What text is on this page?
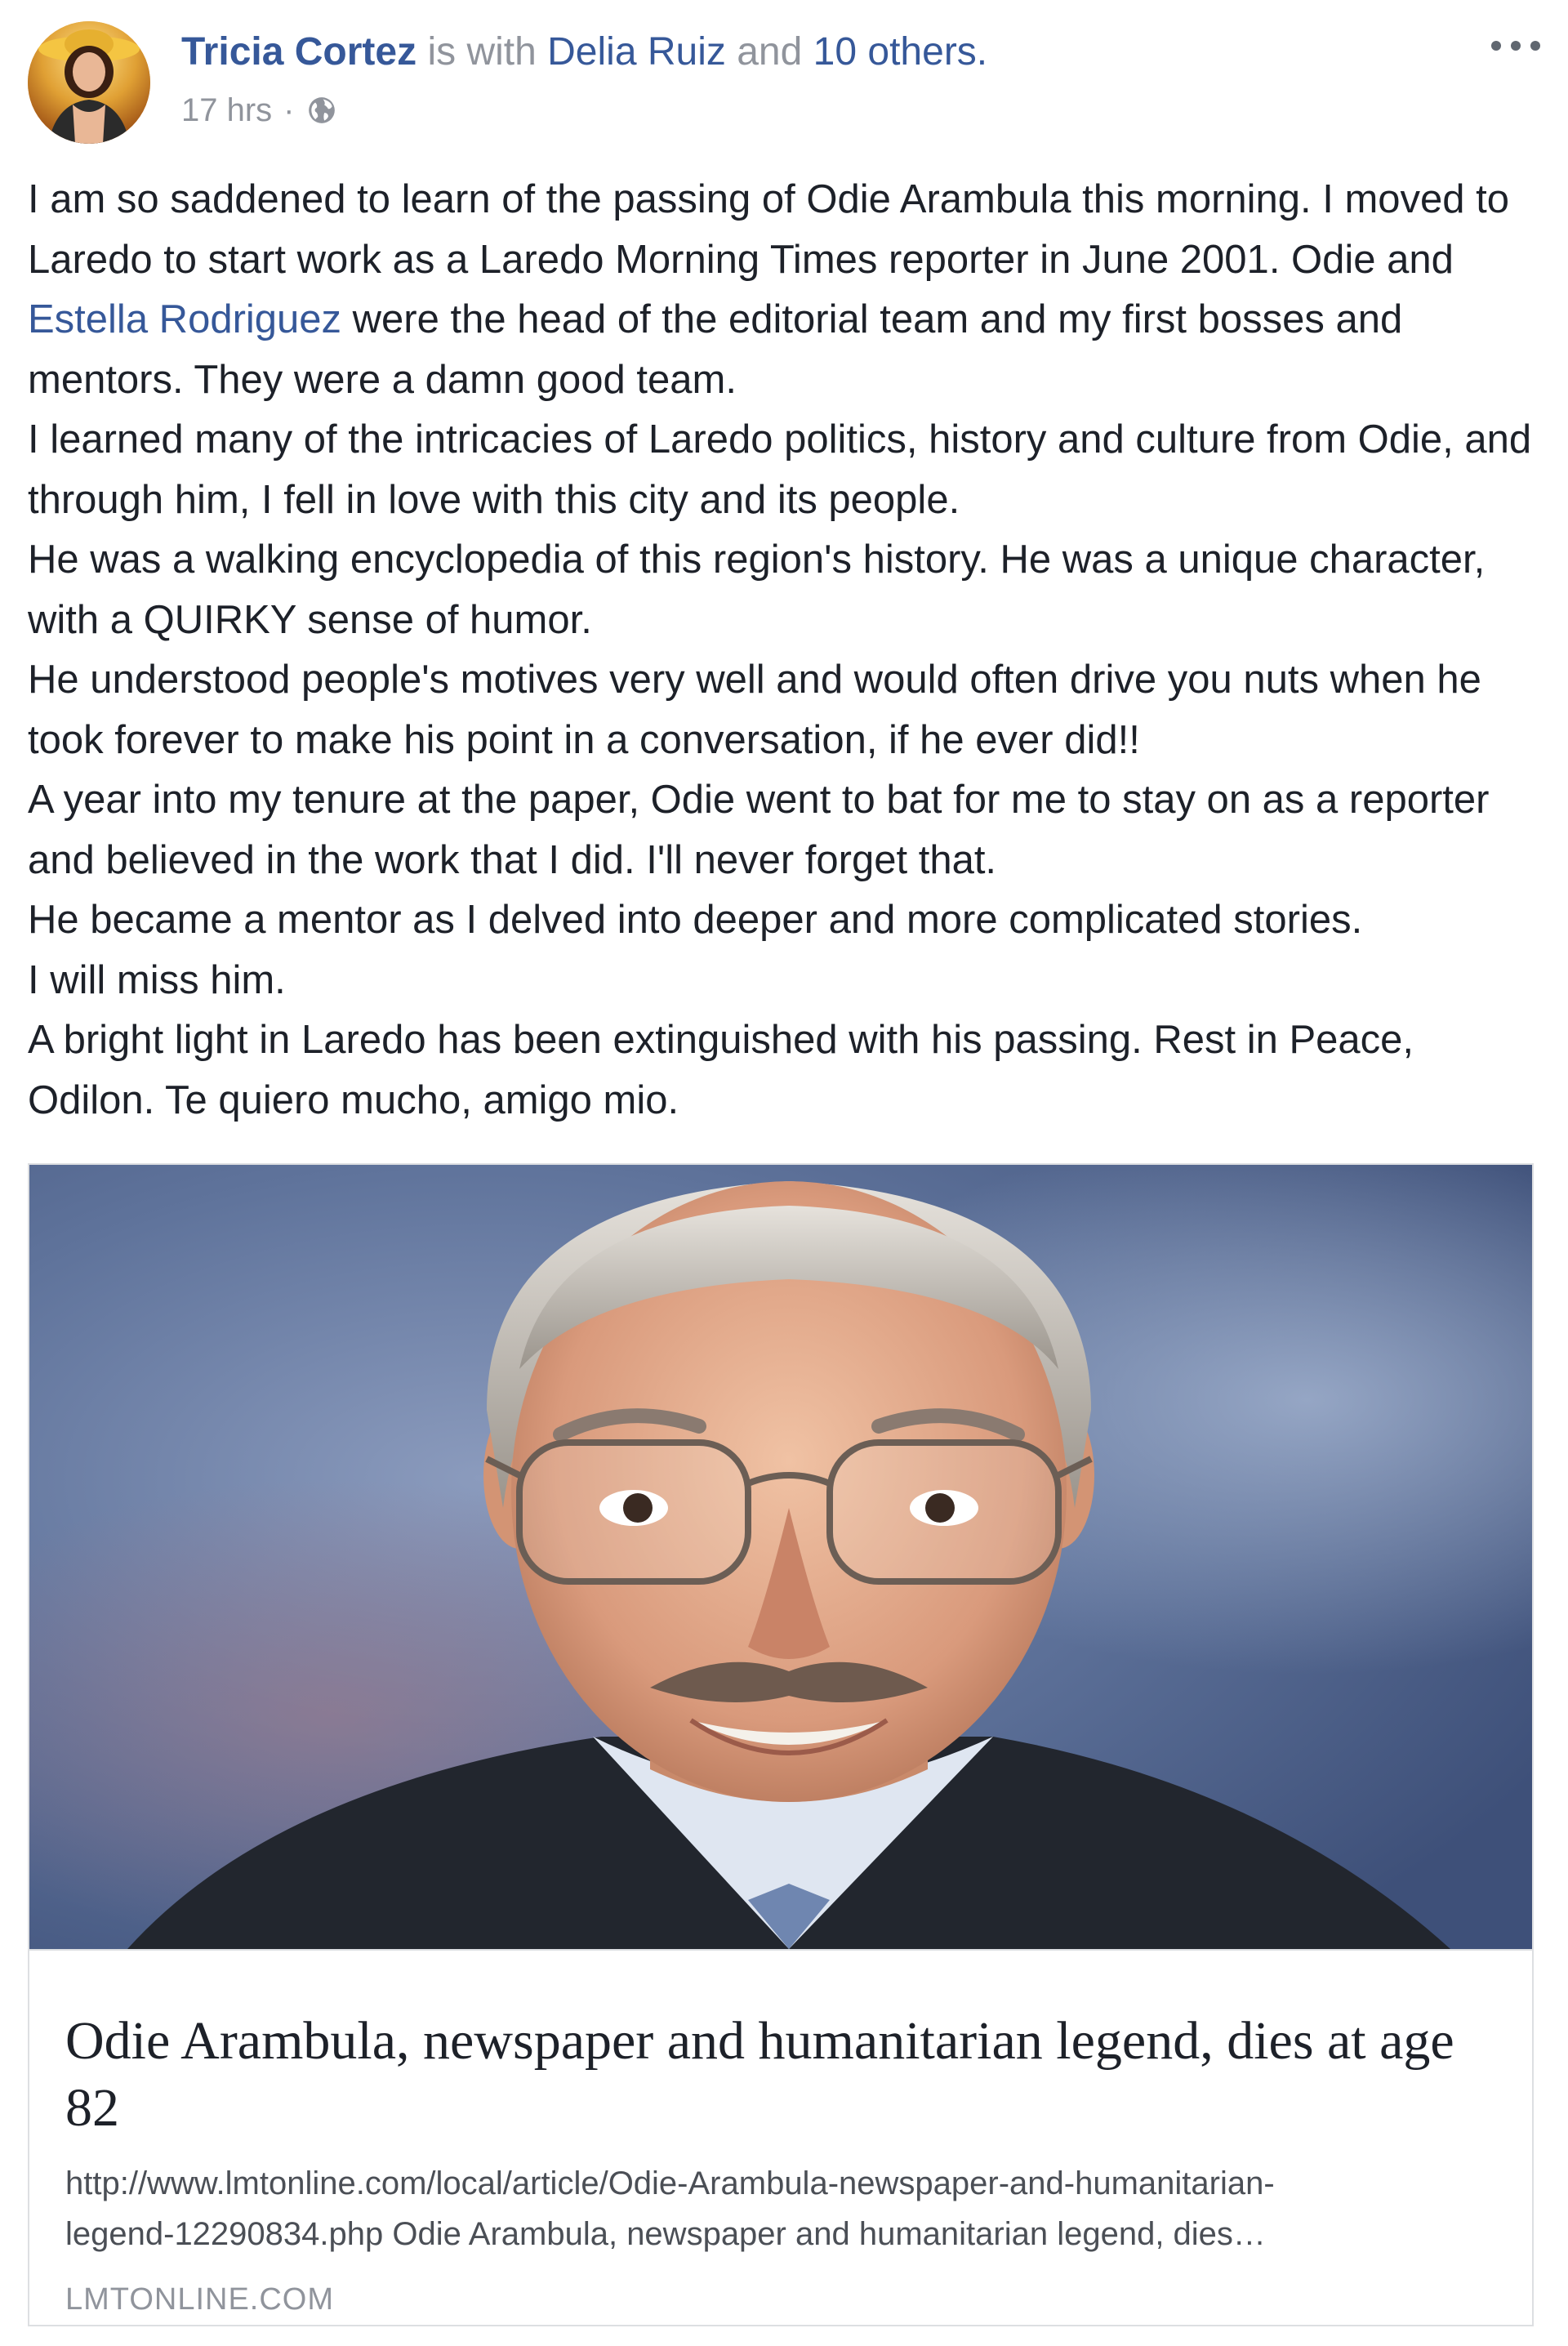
Tricia Cortez is with Delia Ruiz and 10 others.
17 hrs ·

I am so saddened to learn of the passing of Odie Arambula this morning. I moved to Laredo to start work as a Laredo Morning Times reporter in June 2001. Odie and Estella Rodriguez were the head of the editorial team and my first bosses and mentors. They were a damn good team.

I learned many of the intricacies of Laredo politics, history and culture from Odie, and through him, I fell in love with this city and its people.

He was a walking encyclopedia of this region's history. He was a unique character, with a QUIRKY sense of humor.

He understood people's motives very well and would often drive you nuts when he took forever to make his point in a conversation, if he ever did!!

A year into my tenure at the paper, Odie went to bat for me to stay on as a reporter and believed in the work that I did. I'll never forget that.

He became a mentor as I delved into deeper and more complicated stories.

I will miss him.

A bright light in Laredo has been extinguished with his passing. Rest in Peace, Odilon. Te quiero mucho, amigo mio.

Odie Arambula, newspaper and humanitarian legend, dies at age 82
http://www.lmtonline.com/local/article/Odie-Arambula-newspaper-and-humanitarian-
legend-12290834.php Odie Arambula, newspaper and humanitarian legend, dies…
LMTONLINE.COM
